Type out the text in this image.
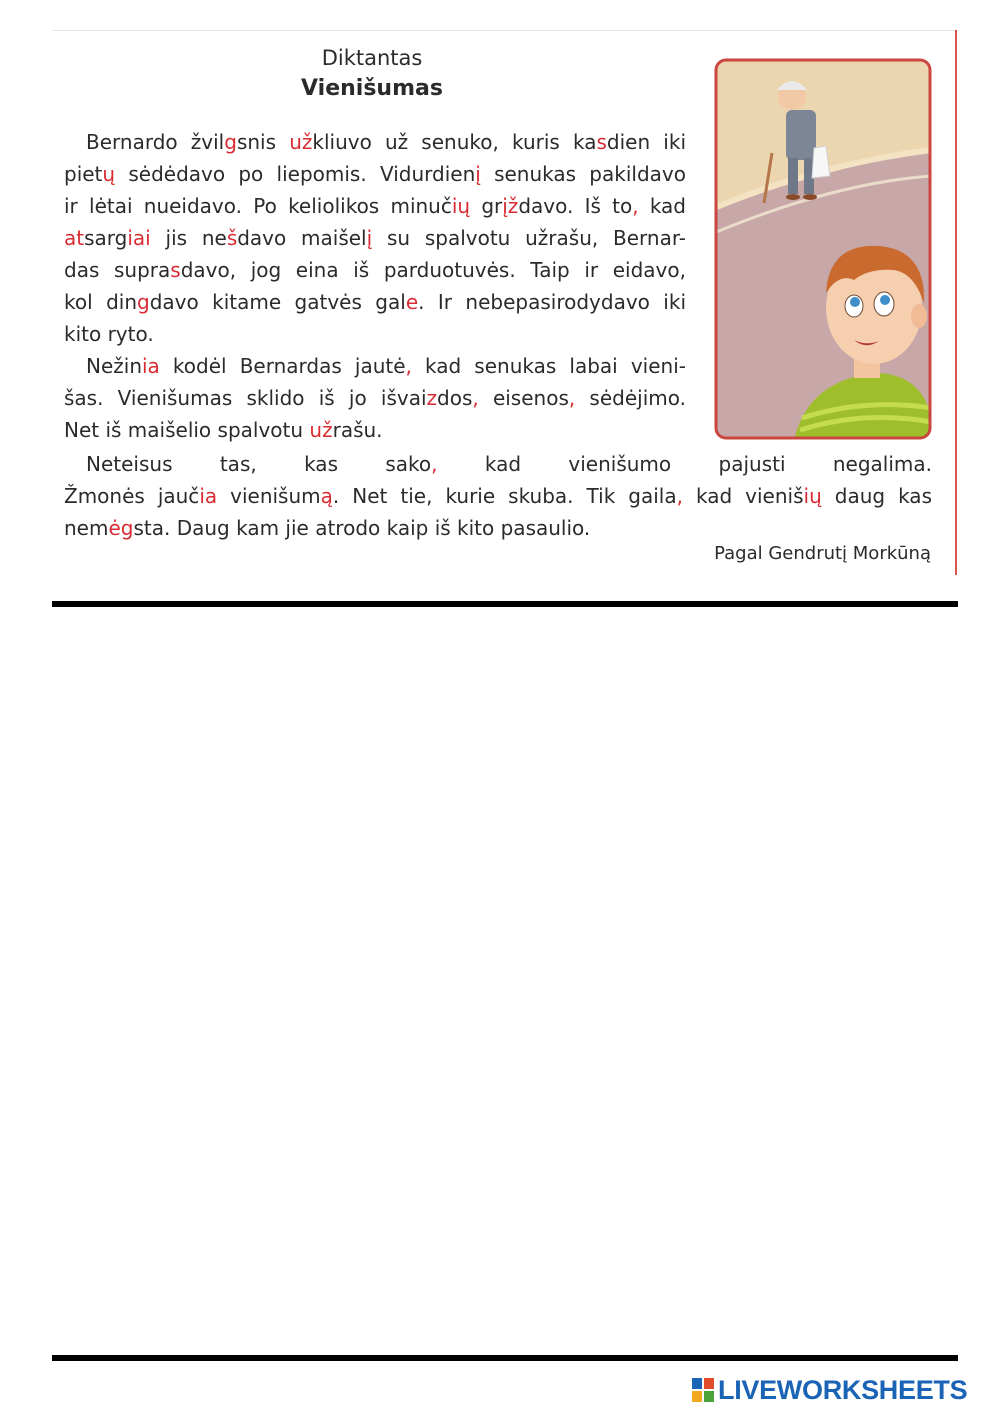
Diktantas
Vienišumas
Bernardo žvilgsnis užkliuvo už senuko, kuris kasdien iki
pietų sėdėdavo po liepomis. Vidurdienį senukas pakildavo
ir lėtai nueidavo. Po keliolikos minučių grįždavo. Iš to, kad
atsargiai jis nešdavo maišelį su spalvotu užrašu, Bernar-
das suprasdavo, jog eina iš parduotuvės. Taip ir eidavo,
kol dingdavo kitame gatvės gale. Ir nebepasirodydavo iki
kito ryto.
Nežinia kodėl Bernardas jautė, kad senukas labai vieni-
šas. Vienišumas sklido iš jo išvaizdos, eisenos, sėdėjimo.
Net iš maišelio spalvotu užrašu.
Neteisus tas, kas sako, kad vienišumo pajusti negalima.
Žmonės jaučia vienišumą. Net tie, kurie skuba. Tik gaila, kad vienišių daug kas
nemėgsta. Daug kam jie atrodo kaip iš kito pasaulio.

Pagal Gendrutį Morkūną

LIVEWORKSHEETS
